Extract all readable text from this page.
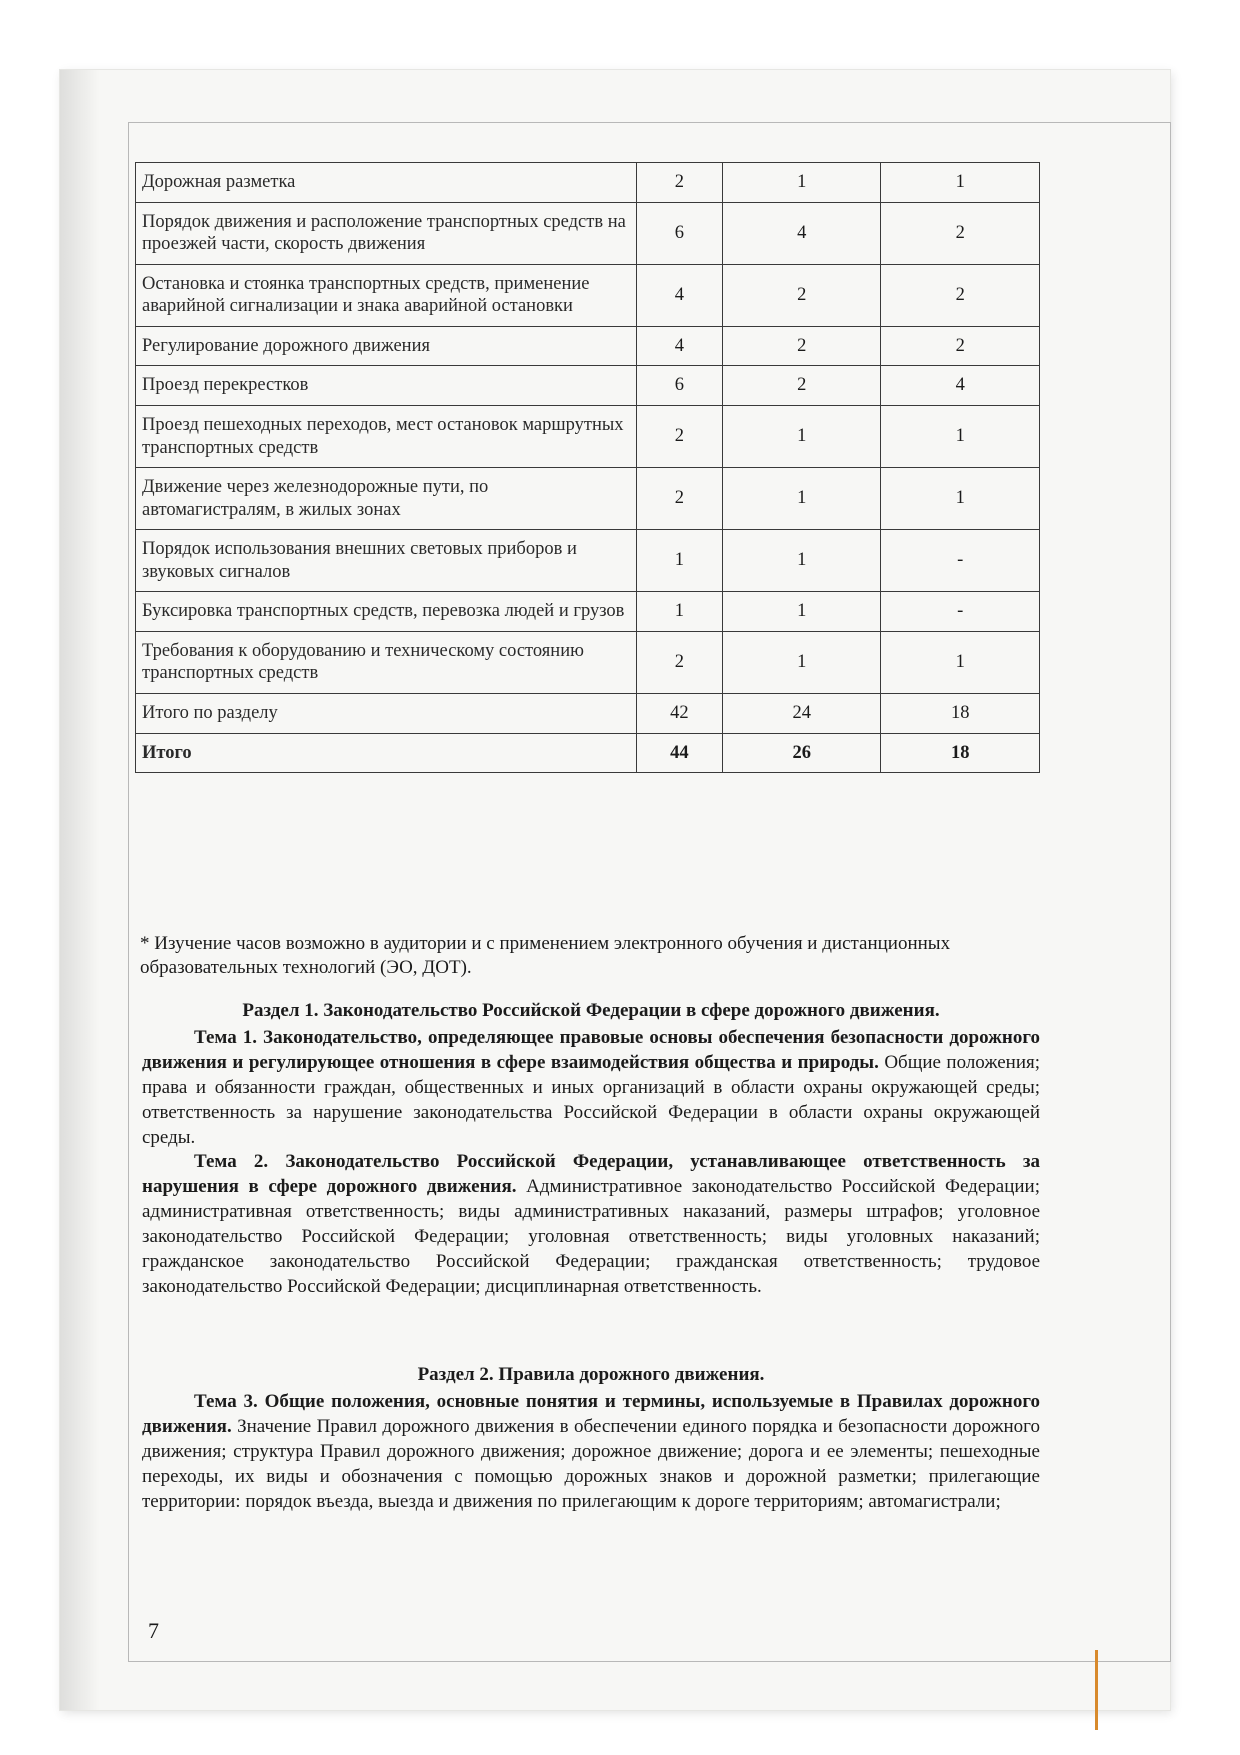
Дорожная разметка	2	1	1
Порядок движения и расположение транспортных средств на проезжей части, скорость движения	6	4	2
Остановка и стоянка транспортных средств, применение аварийной сигнализации и знака аварийной остановки	4	2	2
Регулирование дорожного движения	4	2	2
Проезд перекрестков	6	2	4
Проезд пешеходных переходов, мест остановок маршрутных транспортных средств	2	1	1
Движение через железнодорожные пути, по автомагистралям, в жилых зонах	2	1	1
Порядок использования внешних световых приборов и звуковых сигналов	1	1	-
Буксировка транспортных средств, перевозка людей и грузов	1	1	-
Требования к оборудованию и техническому состоянию транспортных средств	2	1	1
Итого по разделу	42	24	18
Итого	44	26	18
* Изучение часов возможно в аудитории и с применением электронного обучения и дистанционных образовательных технологий (ЭО, ДОТ).
Раздел 1. Законодательство Российской Федерации в сфере дорожного движения.

Тема 1. Законодательство, определяющее правовые основы обеспечения безопасности дорожного движения и регулирующее отношения в сфере взаимодействия общества и природы. Общие положения; права и обязанности граждан, общественных и иных организаций в области охраны окружающей среды; ответственность за нарушение законодательства Российской Федерации в области охраны окружающей среды.

Тема 2. Законодательство Российской Федерации, устанавливающее ответственность за нарушения в сфере дорожного движения. Административное законодательство Российской Федерации; административная ответственность; виды административных наказаний, размеры штрафов; уголовное законодательство Российской Федерации; уголовная ответственность; виды уголовных наказаний; гражданское законодательство Российской Федерации; гражданская ответственность; трудовое законодательство Российской Федерации; дисциплинарная ответственность.

Раздел 2. Правила дорожного движения.

Тема 3. Общие положения, основные понятия и термины, используемые в Правилах дорожного движения. Значение Правил дорожного движения в обеспечении единого порядка и безопасности дорожного движения; структура Правил дорожного движения; дорожное движение; дорога и ее элементы; пешеходные переходы, их виды и обозначения с помощью дорожных знаков и дорожной разметки; прилегающие территории: порядок въезда, выезда и движения по прилегающим к дороге территориям; автомагистрали;

7
